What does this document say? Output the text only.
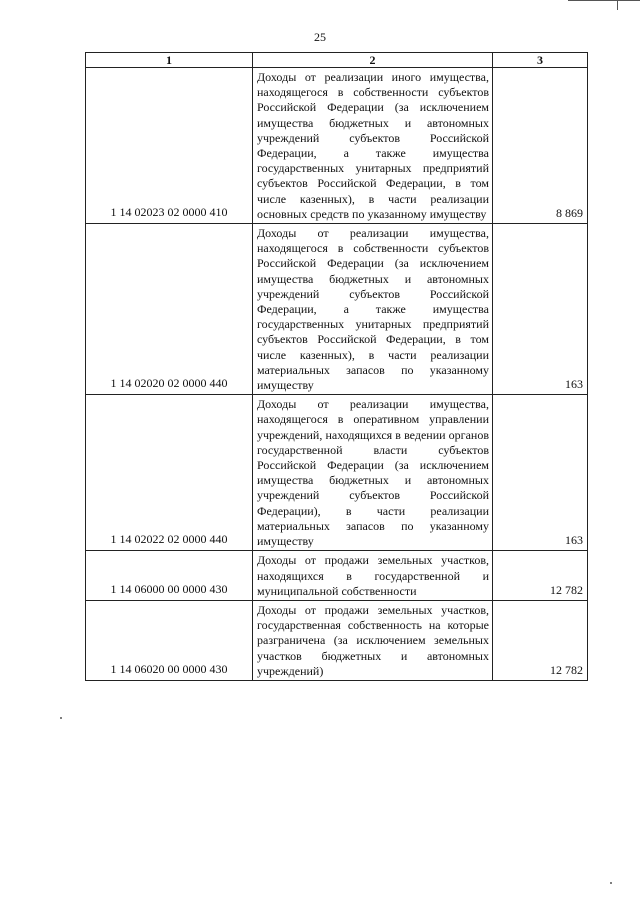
25
1	2	3
1 14 02023 02 0000 410	Доходы от реализации иного имущества, находящегося в собственности субъектов Российской Федерации (за исключением имущества бюджетных и автономных учреждений субъектов Российской Федерации, а также имущества государственных унитарных предприятий субъектов Российской Федерации, в том числе казенных), в части реализации основных средств по указанному имуществу	8 869
1 14 02020 02 0000 440	Доходы от реализации имущества, находящегося в собственности субъектов Российской Федерации (за исключением имущества бюджетных и автономных учреждений субъектов Российской Федерации, а также имущества государственных унитарных предприятий субъектов Российской Федерации, в том числе казенных), в части реализации материальных запасов по указанному имуществу	163
1 14 02022 02 0000 440	Доходы от реализации имущества, находящегося в оперативном управлении учреждений, находящихся в ведении органов государственной власти субъектов Российской Федерации (за исключением имущества бюджетных и автономных учреждений субъектов Российской Федерации), в части реализации материальных запасов по указанному имуществу	163
1 14 06000 00 0000 430	Доходы от продажи земельных участков, находящихся в государственной и муниципальной собственности	12 782
1 14 06020 00 0000 430	Доходы от продажи земельных участков, государственная собственность на которые разграничена (за исключением земельных участков бюджетных и автономных учреждений)	12 782
